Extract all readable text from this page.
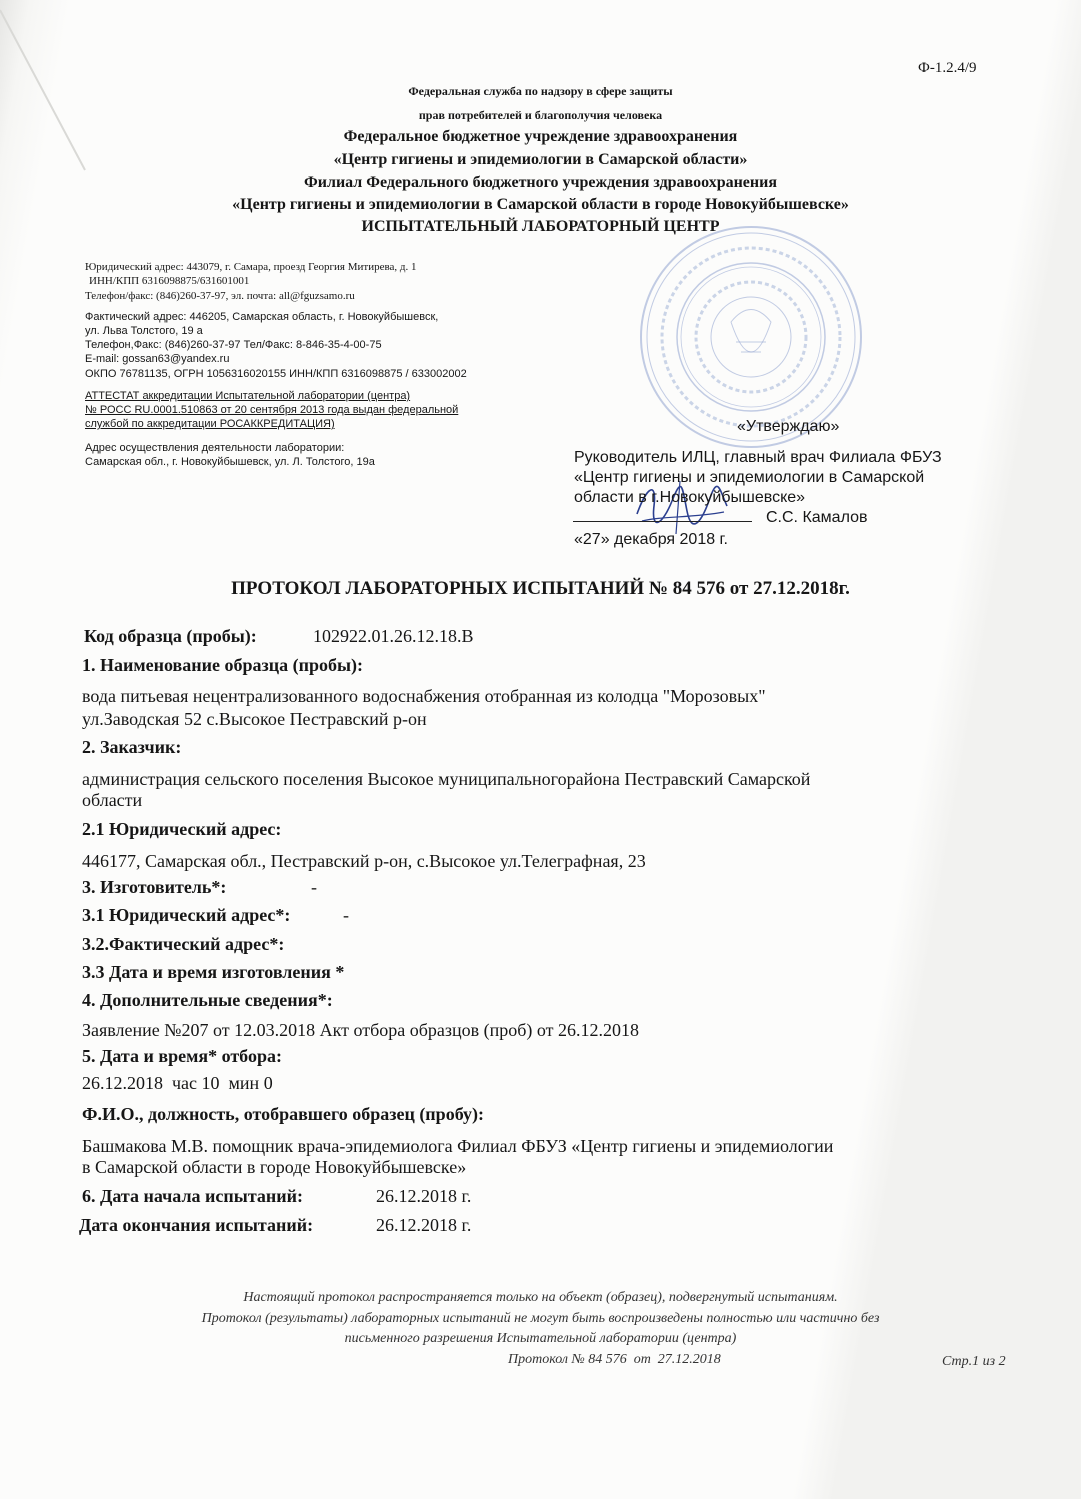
Ф-1.2.4/9
Федеральная служба по надзору в сфере защиты
прав потребителей и благополучия человека
Федеральное бюджетное учреждение здравоохранения
«Центр гигиены и эпидемиологии в Самарской области»
Филиал Федерального бюджетного учреждения здравоохранения
«Центр гигиены и эпидемиологии в Самарской области в городе Новокуйбышевске»
ИСПЫТАТЕЛЬНЫЙ ЛАБОРАТОРНЫЙ ЦЕНТР
Юридический адрес: 443079, г. Самара, проезд Георгия Митирева, д. 1
ИНН/КПП 6316098875/631601001
Телефон/факс: (846)260-37-97, эл. почта: all@fguzsamo.ru
Фактический адрес: 446205, Самарская область, г. Новокуйбышевск,
ул. Льва Толстого, 19 а
Телефон,Факс: (846)260-37-97 Тел/Факс: 8-846-35-4-00-75
E-mail: gossan63@yandex.ru
ОКПО 76781135, ОГРН 1056316020155 ИНН/КПП 6316098875 / 633002002
АТТЕСТАТ аккредитации Испытательной лаборатории (центра)
№ РОСС RU.0001.510863 от 20 сентября 2013 года выдан федеральной
службой по аккредитации РОСАККРЕДИТАЦИЯ)
Адрес осуществления деятельности лаборатории:
Самарская обл., г. Новокуйбышевск, ул. Л. Толстого, 19а
«Утверждаю»
Руководитель ИЛЦ, главный врач Филиала ФБУЗ
«Центр гигиены и эпидемиологии в Самарской
области в г.Новокуйбышевске»
С.С. Камалов
«27» декабря 2018 г.
ПРОТОКОЛ ЛАБОРАТОРНЫХ ИСПЫТАНИЙ № 84 576 от 27.12.2018г.
Код образца (пробы):	102922.01.26.12.18.В
1. Наименование образца (пробы):
вода питьевая нецентрализованного водоснабжения отобранная из колодца "Морозовых"
ул.Заводская 52 с.Высокое Пестравский р-он
2. Заказчик:
администрация сельского поселения Высокое муниципальногорайона Пестравский Самарской
области
2.1 Юридический адрес:
446177, Самарская обл., Пестравский р-он, с.Высокое ул.Телеграфная, 23
3. Изготовитель*:	-
3.1 Юридический адрес*:	-
3.2.Фактический адрес*:
3.3 Дата и время изготовления *
4. Дополнительные сведения*:
Заявление №207 от 12.03.2018 Акт отбора образцов (проб) от 26.12.2018
5. Дата и время* отбора:
26.12.2018  час 10  мин 0
Ф.И.О., должность, отобравшего образец (пробу):
Башмакова М.В. помощник врача-эпидемиолога Филиал ФБУЗ «Центр гигиены и эпидемиологии
в Самарской области в городе Новокуйбышевске»
6. Дата начала испытаний:	26.12.2018 г.
Дата окончания испытаний:	26.12.2018 г.
Настоящий протокол распространяется только на объект (образец), подвергнутый испытаниям.
Протокол (результаты) лабораторных испытаний не могут быть воспроизведены полностью или частично без
письменного разрешения Испытательной лаборатории (центра)
Протокол № 84 576  от  27.12.2018	Стр.1 из 2
